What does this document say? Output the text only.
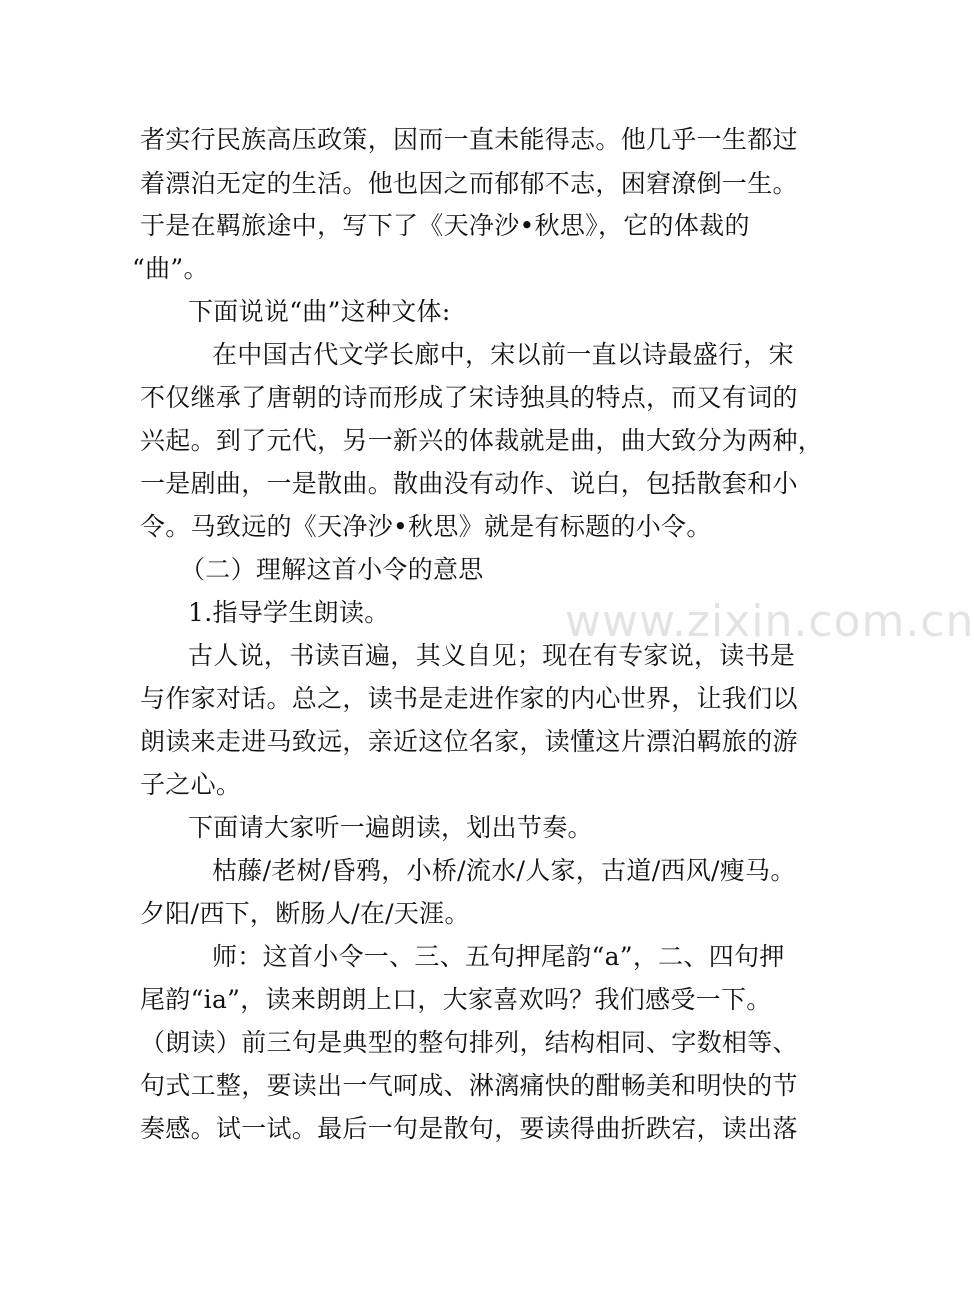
者实行民族高压政策，因而一直未能得志。他几乎一生都过
着漂泊无定的生活。他也因之而郁郁不志，困窘潦倒一生。
于是在羁旅途中，写下了《天净沙•秋思》，它的体裁的
“曲”。
下面说说“曲”这种文体:
在中国古代文学长廊中，宋以前一直以诗最盛行，宋
不仅继承了唐朝的诗而形成了宋诗独具的特点，而又有词的
兴起。到了元代，另一新兴的体裁就是曲，曲大致分为两种，
一是剧曲，一是散曲。散曲没有动作、说白，包括散套和小
令。马致远的《天净沙•秋思》就是有标题的小令。
（二）理解这首小令的意思
1.指导学生朗读。
古人说，书读百遍，其义自见；现在有专家说，读书是
与作家对话。总之，读书是走进作家的内心世界，让我们以
朗读来走进马致远，亲近这位名家，读懂这片漂泊羁旅的游
子之心。
下面请大家听一遍朗读，划出节奏。
枯藤/老树/昏鸦，小桥/流水/人家，古道/西风/瘦马。
夕阳/西下，断肠人/在/天涯。
师：这首小令一、三、五句押尾韵“a”，二、四句押
尾韵“ia”，读来朗朗上口，大家喜欢吗？我们感受一下。
（朗读）前三句是典型的整句排列，结构相同、字数相等、
句式工整，要读出一气呵成、淋漓痛快的酣畅美和明快的节
奏感。试一试。最后一句是散句，要读得曲折跌宕，读出落
www.zixin.com.cn
